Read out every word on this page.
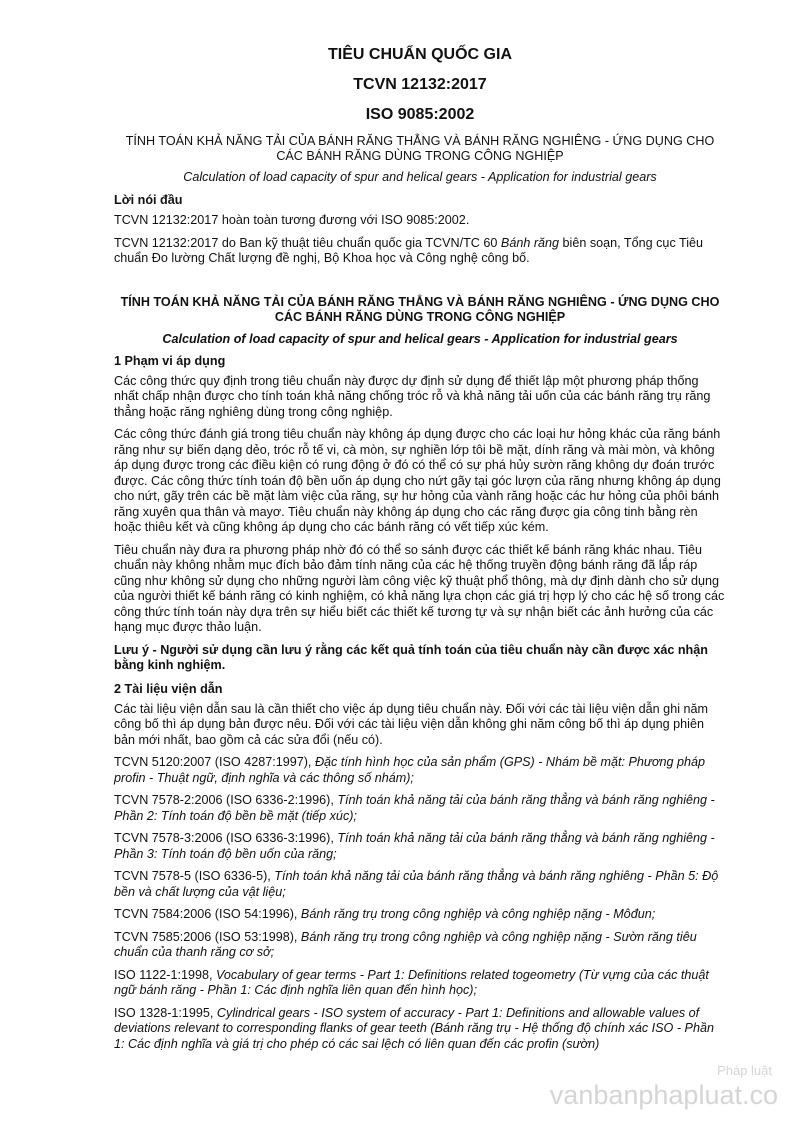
TIÊU CHUẨN QUỐC GIA
TCVN 12132:2017
ISO 9085:2002
TÍNH TOÁN KHẢ NĂNG TẢI CỦA BÁNH RĂNG THẲNG VÀ BÁNH RĂNG NGHIÊNG - ỨNG DỤNG CHO CÁC BÁNH RĂNG DÙNG TRONG CÔNG NGHIỆP
Calculation of load capacity of spur and helical gears - Application for industrial gears
Lời nói đầu

TCVN 12132:2017 hoàn toàn tương đương với ISO 9085:2002.

TCVN 12132:2017 do Ban kỹ thuật tiêu chuẩn quốc gia TCVN/TC 60 Bánh răng biên soạn, Tổng cục Tiêu chuẩn Đo lường Chất lượng đề nghị, Bộ Khoa học và Công nghệ công bố.

TÍNH TOÁN KHẢ NĂNG TẢI CỦA BÁNH RĂNG THẲNG VÀ BÁNH RĂNG NGHIÊNG - ỨNG DỤNG CHO CÁC BÁNH RĂNG DÙNG TRONG CÔNG NGHIỆP
Calculation of load capacity of spur and helical gears - Application for industrial gears
1 Phạm vi áp dụng

Các công thức quy định trong tiêu chuẩn này được dự định sử dụng để thiết lập một phương pháp thống nhất chấp nhận được cho tính toán khả năng chống tróc rỗ và khả năng tải uốn của các bánh răng trụ răng thẳng hoặc răng nghiêng dùng trong công nghiệp.

Các công thức đánh giá trong tiêu chuẩn này không áp dụng được cho các loại hư hỏng khác của răng bánh răng như sự biến dạng dẻo, tróc rỗ tế vi, cà mòn, sự nghiền lớp tôi bề mặt, dính răng và mài mòn, và không áp dụng được trong các điều kiện có rung động ở đó có thể có sự phá hủy sườn răng không dự đoán trước được. Các công thức tính toán độ bền uốn áp dụng cho nứt gãy tại góc lượn của răng nhưng không áp dụng cho nứt, gãy trên các bề mặt làm việc của răng, sự hư hỏng của vành răng hoặc các hư hỏng của phôi bánh răng xuyên qua thân và mayơ. Tiêu chuẩn này không áp dụng cho các răng được gia công tinh bằng rèn hoặc thiêu kết và cũng không áp dụng cho các bánh răng có vết tiếp xúc kém.

Tiêu chuẩn này đưa ra phương pháp nhờ đó có thể so sánh được các thiết kế bánh răng khác nhau. Tiêu chuẩn này không nhằm mục đích bảo đảm tính năng của các hệ thống truyền động bánh răng đã lắp ráp cũng như không sử dụng cho những người làm công việc kỹ thuật phổ thông, mà dự định dành cho sử dụng của người thiết kế bánh răng có kinh nghiệm, có khả năng lựa chọn các giá trị hợp lý cho các hệ số trong các công thức tính toán này dựa trên sự hiểu biết các thiết kế tương tự và sự nhận biết các ảnh hưởng của các hạng mục được thảo luận.

Lưu ý - Người sử dụng cần lưu ý rằng các kết quả tính toán của tiêu chuẩn này cần được xác nhận bằng kinh nghiệm.

2 Tài liệu viện dẫn

Các tài liệu viện dẫn sau là cần thiết cho việc áp dụng tiêu chuẩn này. Đối với các tài liệu viện dẫn ghi năm công bố thì áp dụng bản được nêu. Đối với các tài liệu viện dẫn không ghi năm công bố thì áp dụng phiên bản mới nhất, bao gồm cả các sửa đổi (nếu có).

TCVN 5120:2007 (ISO 4287:1997), Đặc tính hình học của sản phẩm (GPS) - Nhám bề mặt: Phương pháp profin - Thuật ngữ, định nghĩa và các thông số nhám);

TCVN 7578-2:2006 (ISO 6336-2:1996), Tính toán khả năng tải của bánh răng thẳng và bánh răng nghiêng - Phần 2: Tính toán độ bền bề mặt (tiếp xúc);

TCVN 7578-3:2006 (ISO 6336-3:1996), Tính toán khả năng tải của bánh răng thẳng và bánh răng nghiêng - Phần 3: Tính toán độ bền uốn của răng;

TCVN 7578-5 (ISO 6336-5), Tính toán khả năng tải của bánh răng thẳng và bánh răng nghiêng - Phần 5: Độ bền và chất lượng của vật liệu;

TCVN 7584:2006 (ISO 54:1996), Bánh răng trụ trong công nghiệp và công nghiệp nặng - Môđun;

TCVN 7585:2006 (ISO 53:1998), Bánh răng trụ trong công nghiệp và công nghiệp nặng - Sườn răng tiêu chuẩn của thanh răng cơ sở;

ISO 1122-1:1998, Vocabulary of gear terms - Part 1: Definitions related togeometry (Từ vựng của các thuật ngữ bánh răng - Phần 1: Các định nghĩa liên quan đến hình học);

ISO 1328-1:1995, Cylindrical gears - ISO system of accuracy - Part 1: Definitions and allowable values of deviations relevant to corresponding flanks of gear teeth (Bánh răng trụ - Hệ thống độ chính xác ISO - Phần 1: Các định nghĩa và giá trị cho phép có các sai lệch có liên quan đến các profin (sườn)

Pháp luật
vanbanphapluat.co
